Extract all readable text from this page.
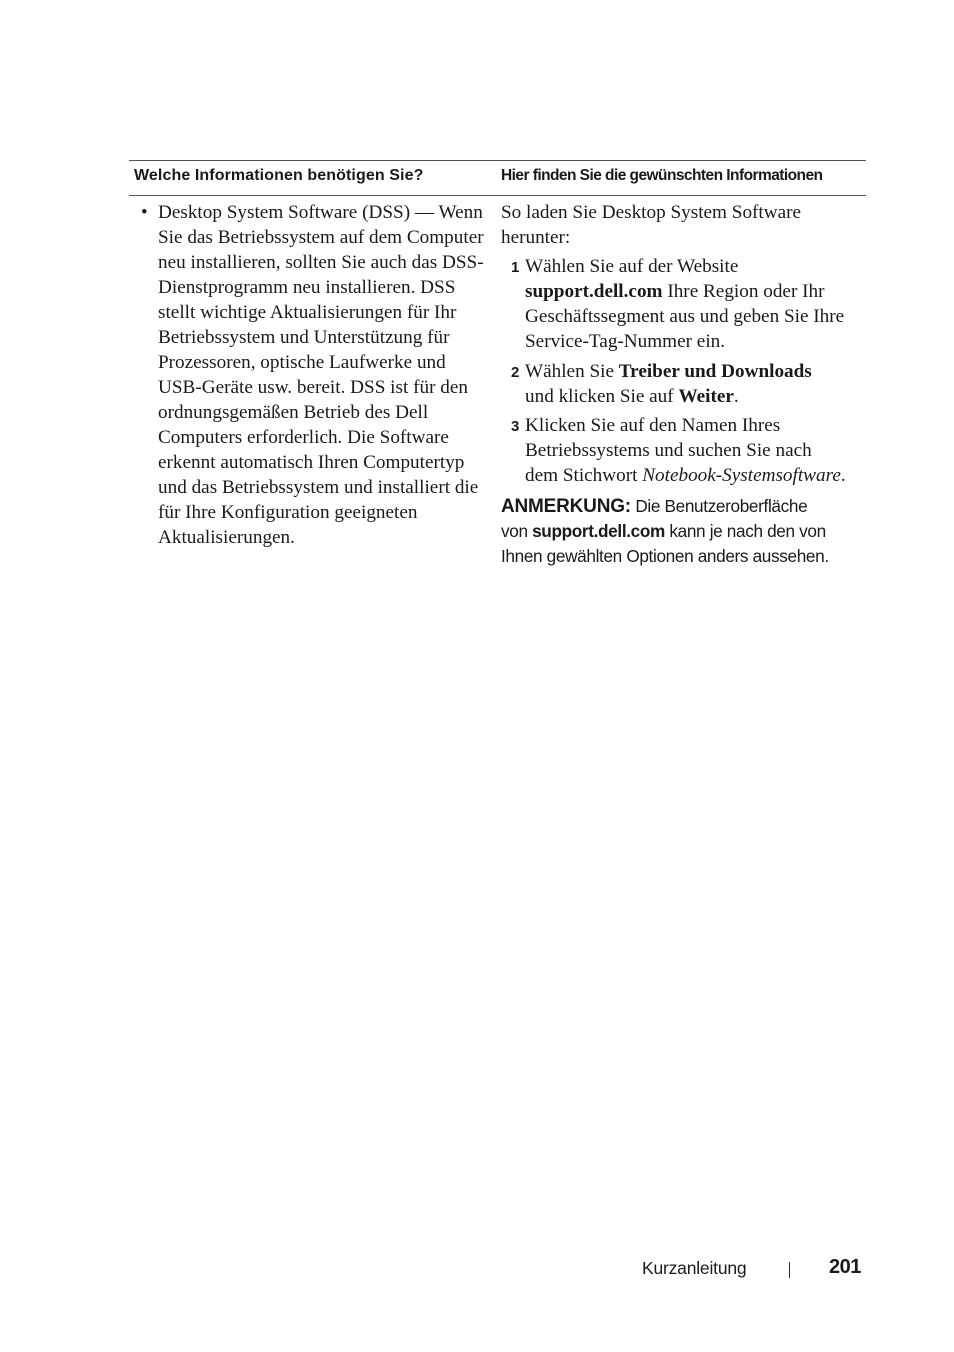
Welche Informationen benötigen Sie?	Hier finden Sie die gewünschten Informationen
• Desktop System Software (DSS) — Wenn
Sie das Betriebssystem auf dem Computer
neu installieren, sollten Sie auch das DSS-
Dienstprogramm neu installieren. DSS
stellt wichtige Aktualisierungen für Ihr
Betriebssystem und Unterstützung für
Prozessoren, optische Laufwerke und
USB-Geräte usw. bereit. DSS ist für den
ordnungsgemäßen Betrieb des Dell
Computers erforderlich. Die Software
erkennt automatisch Ihren Computertyp
und das Betriebssystem und installiert die
für Ihre Konfiguration geeigneten
Aktualisierungen.
So laden Sie Desktop System Software
herunter:
1 Wählen Sie auf der Website
support.dell.com Ihre Region oder Ihr
Geschäftssegment aus und geben Sie Ihre
Service-Tag-Nummer ein.
2 Wählen Sie Treiber und Downloads
und klicken Sie auf Weiter.
3 Klicken Sie auf den Namen Ihres
Betriebssystems und suchen Sie nach
dem Stichwort Notebook-Systemsoftware.
ANMERKUNG: Die Benutzeroberfläche
von support.dell.com kann je nach den von
Ihnen gewählten Optionen anders aussehen.
Kurzanleitung	201
